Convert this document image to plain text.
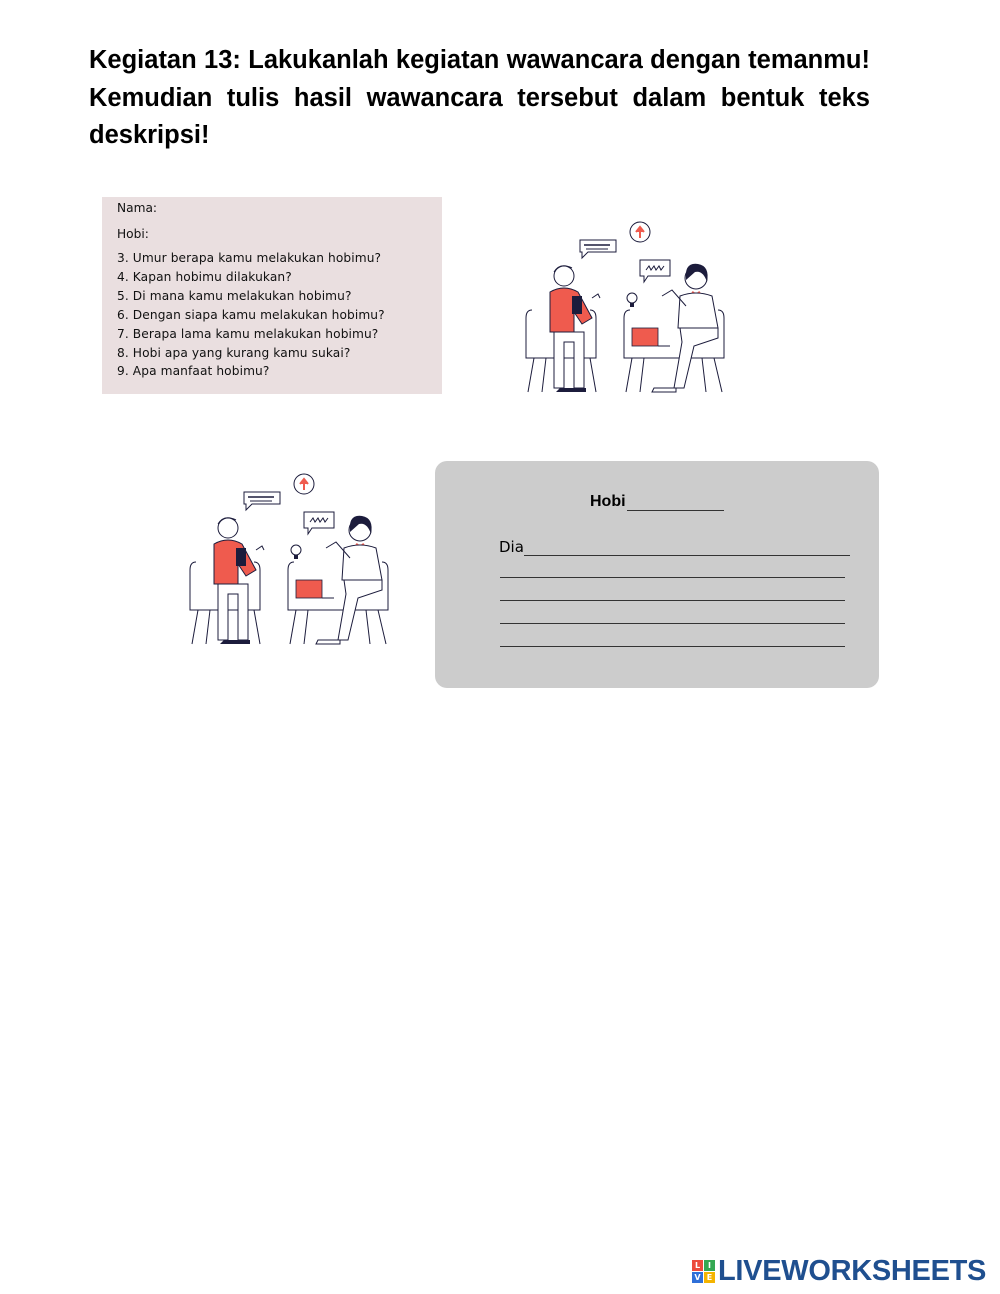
Kegiatan 13: Lakukanlah kegiatan wawancara dengan temanmu! Kemudian tulis hasil wawancara tersebut dalam bentuk teks deskripsi!

Nama:

Hobi:

3. Umur berapa kamu melakukan hobimu?
4. Kapan hobimu dilakukan?
5. Di mana kamu melakukan hobimu?
6. Dengan siapa kamu melakukan hobimu?
7. Berapa lama kamu melakukan hobimu?
8. Hobi apa yang kurang kamu sukai?
9. Apa manfaat hobimu?
Hobi
Dia
L I
V E LIVEWORKSHEETS
